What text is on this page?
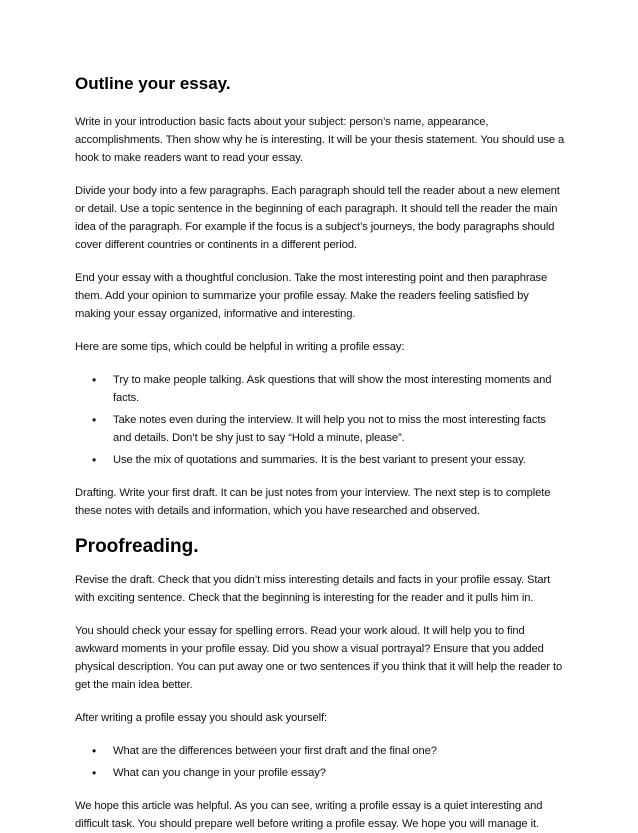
Outline your essay.

Write in your introduction basic facts about your subject: person’s name, appearance, accomplishments. Then show why he is interesting. It will be your thesis statement. You should use a hook to make readers want to read your essay.

Divide your body into a few paragraphs. Each paragraph should tell the reader about a new element or detail. Use a topic sentence in the beginning of each paragraph. It should tell the reader the main idea of the paragraph. For example if the focus is a subject’s journeys, the body paragraphs should cover different countries or continents in a different period.

End your essay with a thoughtful conclusion. Take the most interesting point and then paraphrase them. Add your opinion to summarize your profile essay. Make the readers feeling satisfied by making your essay organized, informative and interesting.

Here are some tips, which could be helpful in writing a profile essay:

• Try to make people talking. Ask questions that will show the most interesting moments and facts.
• Take notes even during the interview. It will help you not to miss the most interesting facts and details. Don’t be shy just to say “Hold a minute, please”.
• Use the mix of quotations and summaries. It is the best variant to present your essay.

Drafting. Write your first draft. It can be just notes from your interview. The next step is to complete these notes with details and information, which you have researched and observed.

Proofreading.

Revise the draft. Check that you didn’t miss interesting details and facts in your profile essay. Start with exciting sentence. Check that the beginning is interesting for the reader and it pulls him in.

You should check your essay for spelling errors. Read your work aloud. It will help you to find awkward moments in your profile essay. Did you show a visual portrayal? Ensure that you added physical description. You can put away one or two sentences if you think that it will help the reader to get the main idea better.

After writing a profile essay you should ask yourself:

• What are the differences between your first draft and the final one?
• What can you change in your profile essay?

We hope this article was helpful. As you can see, writing a profile essay is a quiet interesting and difficult task. You should prepare well before writing a profile essay. We hope you will manage it.
